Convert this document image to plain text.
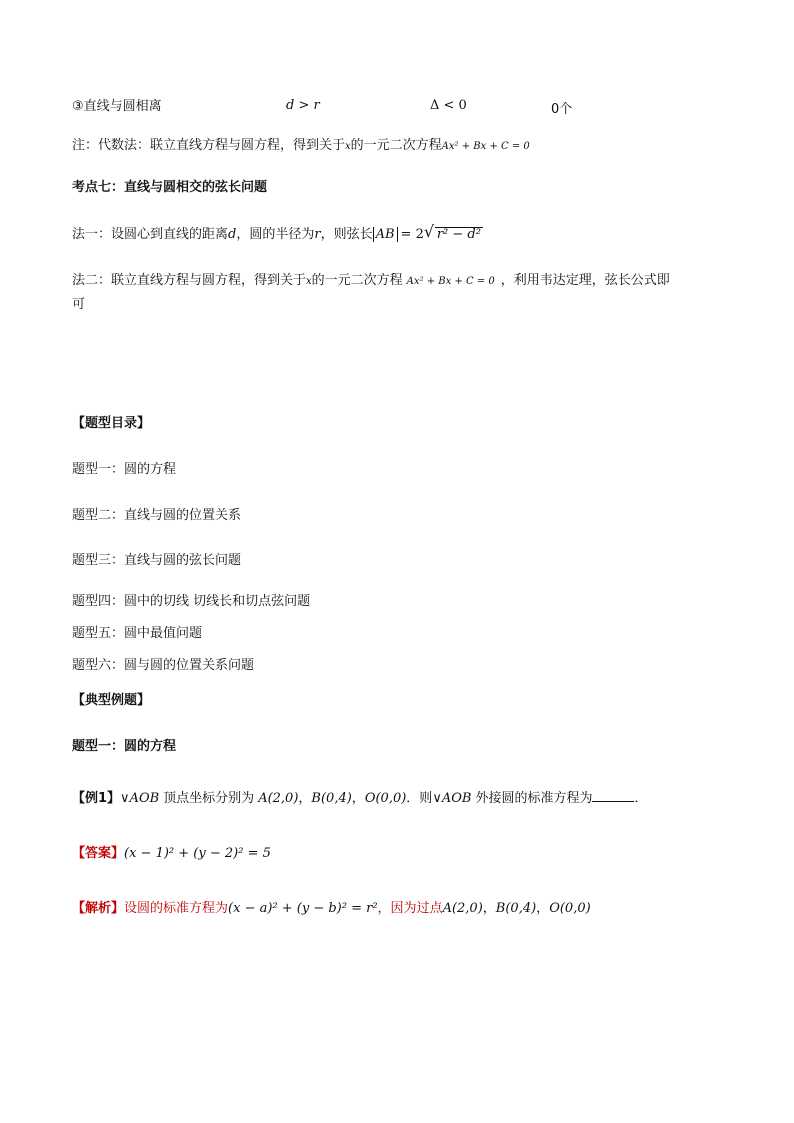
③直线与圆相离	d > r	Δ < 0	0个
注：代数法：联立直线方程与圆方程，得到关于x的一元二次方程Ax² + Bx + C = 0
考点七：直线与圆相交的弦长问题
法一：设圆心到直线的距离d，圆的半径为r，则弦长 AB = 2 √ r² − d²
法二：联立直线方程与圆方程，得到关于x的一元二次方程 Ax² + Bx + C = 0 ，利用韦达定理，弦长公式即
可
【题型目录】
题型一：圆的方程
题型二：直线与圆的位置关系
题型三：直线与圆的弦长问题
题型四：圆中的切线 切线长和切点弦问题
题型五：圆中最值问题
题型六：圆与圆的位置关系问题
【典型例题】
题型一：圆的方程
【例1】∨AOB 顶点坐标分别为 A(2,0)，B(0,4)，O(0,0)．则∨AOB 外接圆的标准方程为	．
【答案】(x − 1)² + (y − 2)² = 5
【解析】设圆的标准方程为(x − a)² + (y − b)² = r²，因为过点A(2,0)，B(0,4)，O(0,0)
